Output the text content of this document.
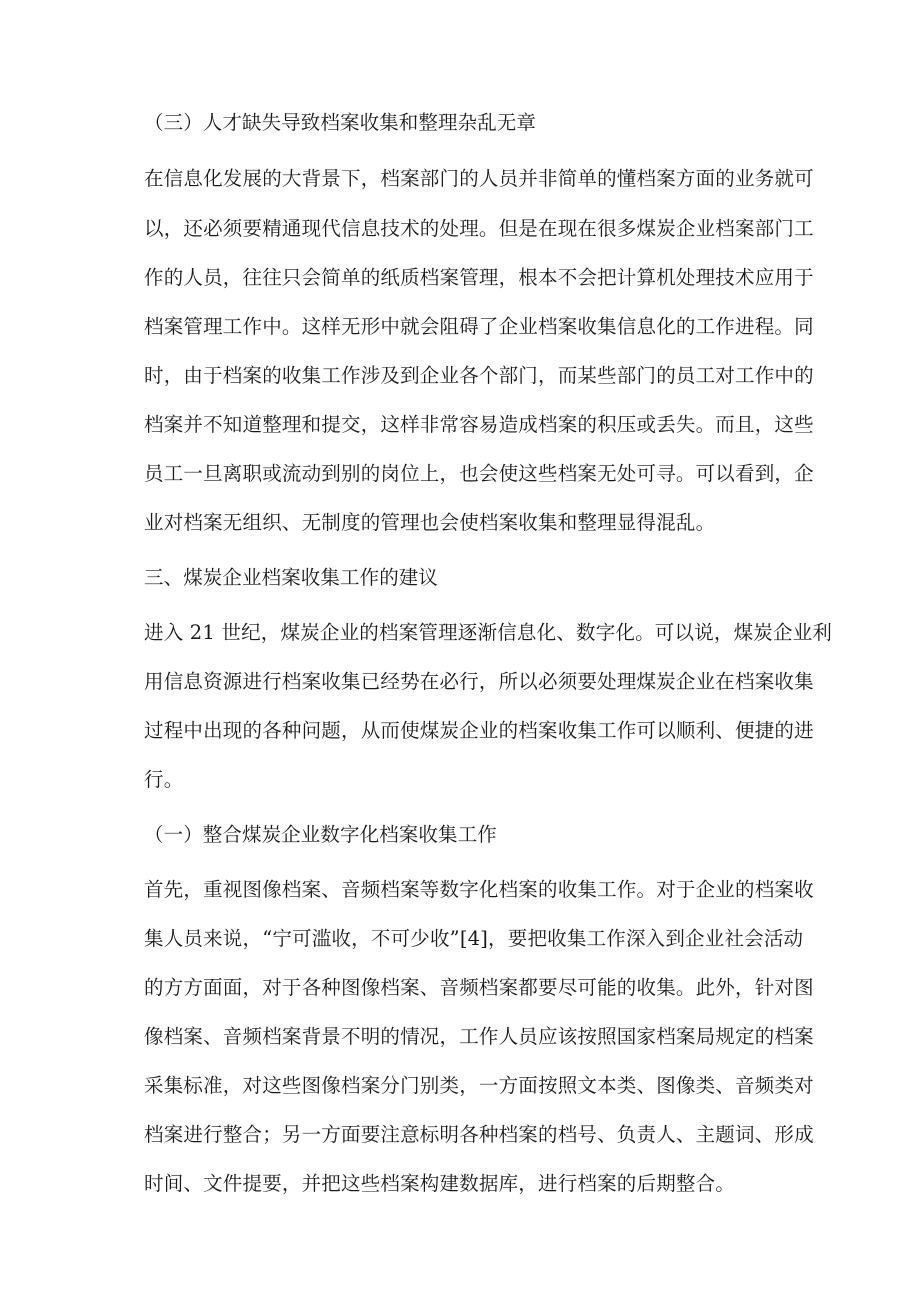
（三）人才缺失导致档案收集和整理杂乱无章
在信息化发展的大背景下，档案部门的人员并非简单的懂档案方面的业务就可
以，还必须要精通现代信息技术的处理。但是在现在很多煤炭企业档案部门工
作的人员，往往只会简单的纸质档案管理，根本不会把计算机处理技术应用于
档案管理工作中。这样无形中就会阻碍了企业档案收集信息化的工作进程。同
时，由于档案的收集工作涉及到企业各个部门，而某些部门的员工对工作中的
档案并不知道整理和提交，这样非常容易造成档案的积压或丢失。而且，这些
员工一旦离职或流动到别的岗位上，也会使这些档案无处可寻。可以看到，企
业对档案无组织、无制度的管理也会使档案收集和整理显得混乱。
三、煤炭企业档案收集工作的建议
进入 21 世纪，煤炭企业的档案管理逐渐信息化、数字化。可以说，煤炭企业利
用信息资源进行档案收集已经势在必行，所以必须要处理煤炭企业在档案收集
过程中出现的各种问题，从而使煤炭企业的档案收集工作可以顺利、便捷的进
行。
（一）整合煤炭企业数字化档案收集工作
首先，重视图像档案、音频档案等数字化档案的收集工作。对于企业的档案收
集人员来说，“宁可滥收，不可少收”[4]，要把收集工作深入到企业社会活动
的方方面面，对于各种图像档案、音频档案都要尽可能的收集。此外，针对图
像档案、音频档案背景不明的情况，工作人员应该按照国家档案局规定的档案
采集标准，对这些图像档案分门别类，一方面按照文本类、图像类、音频类对
档案进行整合；另一方面要注意标明各种档案的档号、负责人、主题词、形成
时间、文件提要，并把这些档案构建数据库，进行档案的后期整合。
